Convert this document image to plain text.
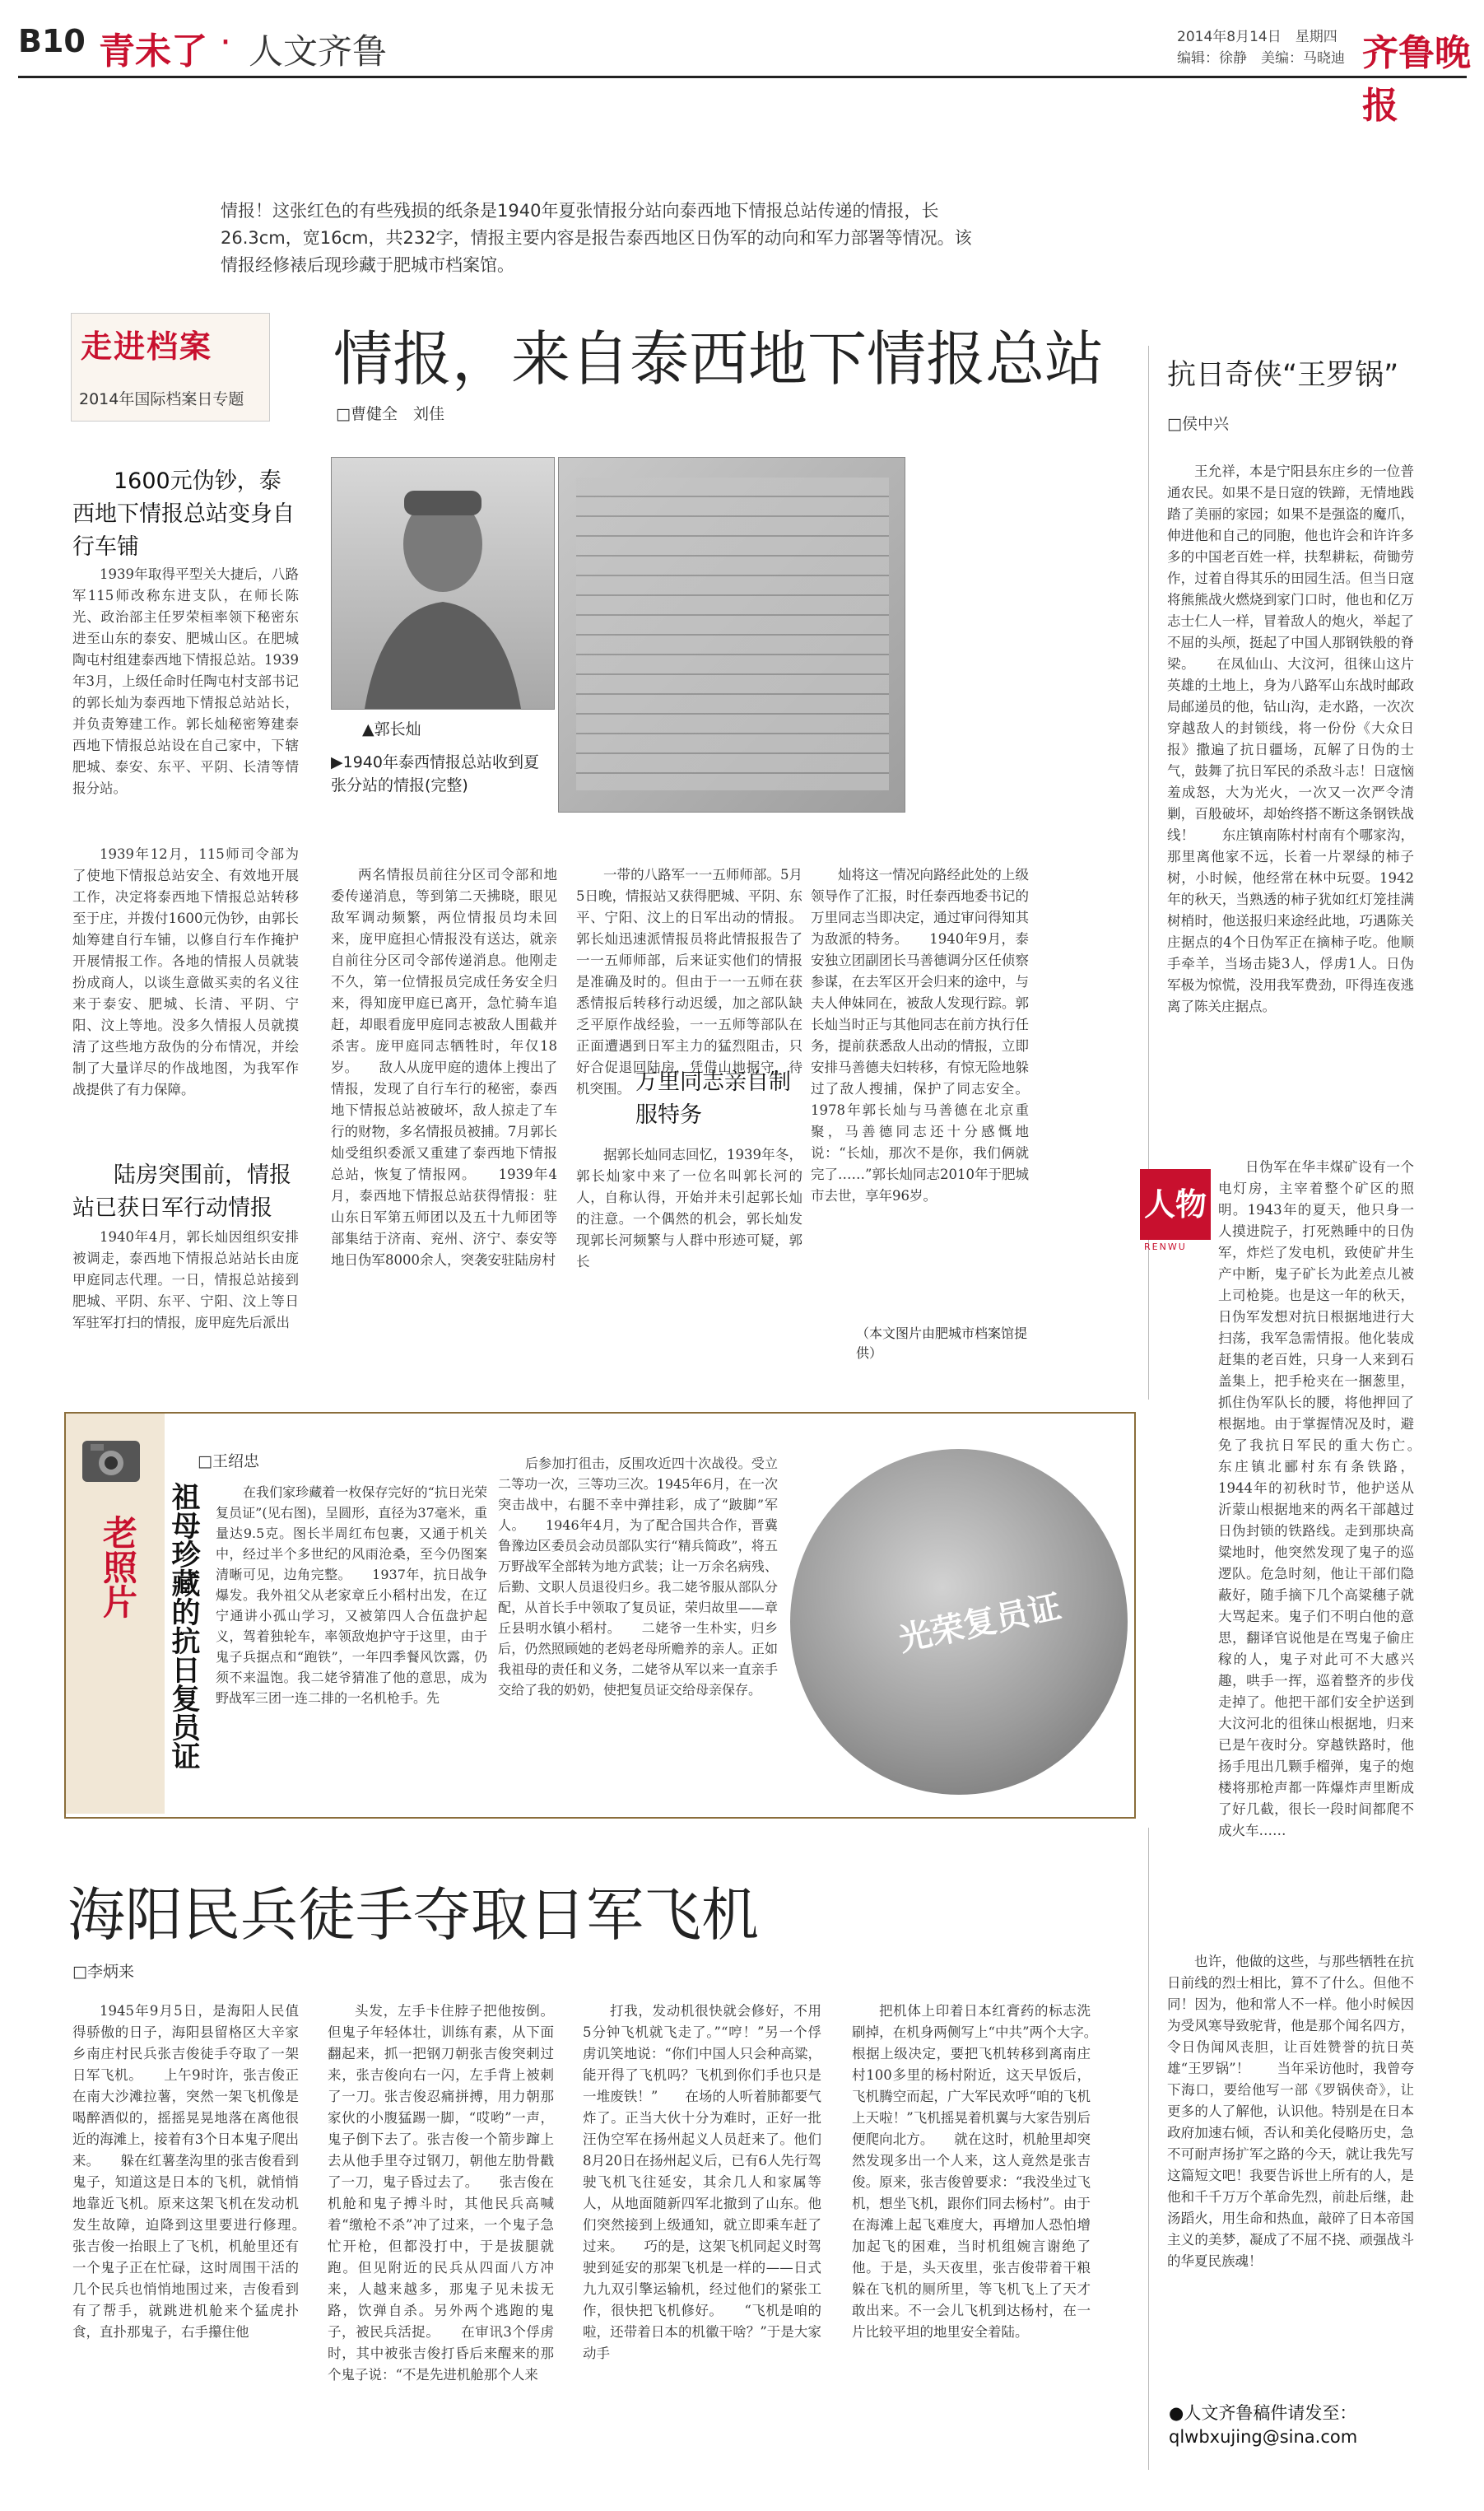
B10 青未了 · 人文齐鲁	2014年8月14日　星期四
编辑：徐静　美编：马晓迪 齐鲁晚报
情报！这张红色的有些残损的纸条是1940年夏张情报分站向泰西地下情报总站传递的情报，长26.3cm，宽16cm，共232字，情报主要内容是报告泰西地区日伪军的动向和军力部署等情况。该情报经修裱后现珍藏于肥城市档案馆。
走进档案
2014年国际档案日专题
情报，来自泰西地下情报总站
□曹健全　刘佳
1600元伪钞，泰西地下情报总站变身自行车铺
1939年取得平型关大捷后，八路军115师改称东进支队，在师长陈光、政治部主任罗荣桓率领下秘密东进至山东的泰安、肥城山区。在肥城陶屯村组建泰西地下情报总站。1939年3月，上级任命时任陶屯村支部书记的郭长灿为泰西地下情报总站站长，并负责筹建工作。郭长灿秘密筹建泰西地下情报总站设在自己家中，下辖肥城、泰安、东平、平阴、长清等情报分站。
1939年12月，115师司令部为了使地下情报总站安全、有效地开展工作，决定将泰西地下情报总站转移至于庄，并拨付1600元伪钞，由郭长灿筹建自行车铺，以修自行车作掩护开展情报工作。各地的情报人员就装扮成商人，以谈生意做买卖的名义往来于泰安、肥城、长清、平阴、宁阳、汶上等地。没多久情报人员就摸清了这些地方敌伪的分布情况，并绘制了大量详尽的作战地图，为我军作战提供了有力保障。
陆房突围前，情报站已获日军行动情报
1940年4月，郭长灿因组织安排被调走，泰西地下情报总站站长由庞甲庭同志代理。一日，情报总站接到肥城、平阴、东平、宁阳、汶上等日军驻军打扫的情报，庞甲庭先后派出
▲郭长灿
▶1940年泰西情报总站收到夏张分站的情报(完整)
两名情报员前往分区司令部和地委传递消息，等到第二天拂晓，眼见敌军调动频繁，两位情报员均未回来，庞甲庭担心情报没有送达，就亲自前往分区司令部传递消息。他刚走不久，第一位情报员完成任务安全归来，得知庞甲庭已离开，急忙骑车追赶，却眼看庞甲庭同志被敌人围截并杀害。庞甲庭同志牺牲时，年仅18岁。　　敌人从庞甲庭的遗体上搜出了情报，发现了自行车行的秘密，泰西地下情报总站被破坏，敌人掠走了车行的财物，多名情报员被捕。7月郭长灿受组织委派又重建了泰西地下情报总站，恢复了情报网。　　1939年4月，泰西地下情报总站获得情报：驻山东日军第五师团以及五十九师团等部集结于济南、兖州、济宁、泰安等地日伪军8000余人，突袭安驻陆房村
一带的八路军一一五师师部。5月5日晚，情报站又获得肥城、平阴、东平、宁阳、汶上的日军出动的情报。郭长灿迅速派情报员将此情报报告了一一五师师部，后来证实他们的情报是准确及时的。但由于一一五师在获悉情报后转移行动迟缓，加之部队缺乏平原作战经验，一一五师等部队在正面遭遇到日军主力的猛烈阻击，只好合促退回陆房，凭借山地据守，待机突围。 万里同志亲自制服特务
据郭长灿同志回忆，1939年冬，郭长灿家中来了一位名叫郭长河的人，自称认得，开始并未引起郭长灿的注意。一个偶然的机会，郭长灿发现郭长河频繁与人群中形迹可疑，郭长
灿将这一情况向路经此处的上级领导作了汇报，时任泰西地委书记的万里同志当即决定，通过审问得知其为敌派的特务。　　1940年9月，泰安独立团副团长马善德调分区任侦察参谋，在去军区开会归来的途中，与夫人伸妹同在，被敌人发现行踪。郭长灿当时正与其他同志在前方执行任务，提前获悉敌人出动的情报，立即安排马善德夫妇转移，有惊无险地躲过了敌人搜捕，保护了同志安全。1978年郭长灿与马善德在北京重聚，马善德同志还十分感慨地说：“长灿，那次不是你，我们俩就完了……”郭长灿同志2010年于肥城市去世，享年96岁。
（本文图片由肥城市档案馆提供）
抗日奇侠“王罗锅”
□侯中兴
王允祥，本是宁阳县东庄乡的一位普通农民。如果不是日寇的铁蹄，无情地践踏了美丽的家园；如果不是强盗的魔爪，伸进他和自己的同胞，他也许会和许许多多的中国老百姓一样，扶犁耕耘，荷锄劳作，过着自得其乐的田园生活。但当日寇将熊熊战火燃烧到家门口时，他也和亿万志士仁人一样，冒着敌人的炮火，举起了不屈的头颅，挺起了中国人那钢铁般的脊梁。　　在凤仙山、大汶河，徂徕山这片英雄的土地上，身为八路军山东战时邮政局邮递员的他，钻山沟，走水路，一次次穿越敌人的封锁线，将一份份《大众日报》撒遍了抗日疆场，瓦解了日伪的士气，鼓舞了抗日军民的杀敌斗志！日寇恼羞成怒，大为光火，一次又一次严令清剿，百般破坏，却始终搭不断这条钢铁战线！　　东庄镇南陈村村南有个哪家沟，那里离他家不远，长着一片翠绿的柿子树，小时候，他经常在林中玩耍。1942年的秋天，当熟透的柿子犹如红灯笼挂满树梢时，他送报归来途经此地，巧遇陈关庄据点的4个日伪军正在摘柿子吃。他顺手牵羊，当场击毙3人，俘虏1人。日伪军极为惊慌，没用我军费劲，吓得连夜逃离了陈关庄据点。
人物
RENWU
日伪军在华丰煤矿设有一个电灯房，主宰着整个矿区的照明。1943年的夏天，他只身一人摸进院子，打死熟睡中的日伪军，炸烂了发电机，致使矿井生产中断，鬼子矿长为此差点儿被上司枪毙。也是这一年的秋天，日伪军发想对抗日根据地进行大扫荡，我军急需情报。他化装成赶集的老百姓，只身一人来到石盖集上，把手枪夹在一捆葱里，抓住伪军队长的腰，将他押回了根据地。由于掌握情况及时，避免了我抗日军民的重大伤亡。　　东庄镇北郦村东有条铁路，1944年的初秋时节，他护送从沂蒙山根据地来的两名干部越过日伪封锁的铁路线。走到那块高粱地时，他突然发现了鬼子的巡逻队。危急时刻，他让干部们隐蔽好，随手摘下几个高粱穗子就大骂起来。鬼子们不明白他的意思，翻译官说他是在骂鬼子偷庄稼的人，鬼子对此可不大感兴趣，哄手一挥，巡着整齐的步伐走掉了。他把干部们安全护送到大汶河北的徂徕山根据地，归来已是午夜时分。穿越铁路时，他扬手甩出几颗手榴弹，鬼子的炮楼将那枪声都一阵爆炸声里断成了好几截，很长一段时间都爬不成火车……
也许，他做的这些，与那些牺牲在抗日前线的烈士相比，算不了什么。但他不同！因为，他和常人不一样。他小时候因为受风寒导致驼背，他是那个闻名四方，令日伪闻风丧胆，让百姓赞誉的抗日英雄“王罗锅”！　　当年采访他时，我曾夸下海口，要给他写一部《罗锅侠奇》，让更多的人了解他，认识他。特别是在日本政府加速右倾，否认和美化侵略历史，急不可耐声扬扩军之路的今天，就让我先写这篇短文吧！我要告诉世上所有的人，是他和千千万万个革命先烈，前赴后继，赴汤蹈火，用生命和热血，敲碎了日本帝国主义的美梦，凝成了不屈不挠、顽强战斗的华夏民族魂！
老照片 祖母珍藏的抗日复员证
□王绍忠
在我们家珍藏着一枚保存完好的“抗日光荣复员证”(见右图)，呈圆形，直径为37毫米，重量达9.5克。图长半周红布包裹，又通于机关中，经过半个多世纪的风雨沧桑，至今仍图案清晰可见，边角完整。　　1937年，抗日战争爆发。我外祖父从老家章丘小稻村出发，在辽宁通讲小孤山学习，又被第四人合伍盘护起义，驾着独轮车，率领敌炮护守于这里，由于鬼子兵据点和“跑铁”，一年四季餐风饮露，仍须不来温饱。我二姥爷猜准了他的意思，成为野战军三团一连二排的一名机枪手。先
后参加打徂击，反围攻近四十次战役。受立二等功一次，三等功三次。1945年6月，在一次突击战中，右腿不幸中弹挂彩，成了“跛脚”军人。　　1946年4月，为了配合国共合作，晋冀鲁豫边区委员会动员部队实行“精兵简政”，将五万野战军全部转为地方武装；让一万余名病残、后勤、文职人员退役归乡。我二姥爷服从部队分配，从首长手中领取了复员证，荣归故里——章丘县明水镇小稻村。　　二姥爷一生朴实，归乡后，仍然照顾她的老妈老母所赡养的亲人。正如我祖母的责任和义务，二姥爷从军以来一直亲手交给了我的奶奶，使把复员证交给母亲保存。
光荣复员证
海阳民兵徒手夺取日军飞机
□李炳来
1945年9月5日，是海阳人民值得骄傲的日子，海阳县留格区大辛家乡南庄村民兵张吉俊徒手夺取了一架日军飞机。　　上午9时许，张吉俊正在南大沙滩拉薯，突然一架飞机像是喝醉酒似的，摇摇晃晃地落在离他很近的海滩上，接着有3个日本鬼子爬出来。　　躲在红薯垄沟里的张吉俊看到鬼子，知道这是日本的飞机，就悄悄地靠近飞机。原来这架飞机在发动机发生故障，迫降到这里要进行修理。　　张吉俊一抬眼上了飞机，机舱里还有一个鬼子正在忙碌，这时周围干活的几个民兵也悄悄地围过来，吉俊看到有了帮手，就跳进机舱来个猛虎扑食，直扑那鬼子，右手攥住他
头发，左手卡住脖子把他按倒。但鬼子年轻体壮，训练有素，从下面翻起来，抓一把钢刀朝张吉俊突刺过来，张吉俊向右一闪，左手背上被刺了一刀。张吉俊忍痛拼搏，用力朝那家伙的小腹猛踢一脚，“哎哟”一声，鬼子倒下去了。张吉俊一个箭步蹿上去从他手里夺过钢刀，朝他左肋骨戳了一刀，鬼子昏过去了。　　张吉俊在机舱和鬼子搏斗时，其他民兵高喊着“缴枪不杀”冲了过来，一个鬼子急忙开枪，但都没打中，于是拔腿就跑。但见附近的民兵从四面八方冲来，人越来越多，那鬼子见未拔无路，饮弹自杀。另外两个逃跑的鬼子，被民兵活捉。　　在审讯3个俘虏时，其中被张吉俊打昏后来醒来的那个鬼子说：“不是先进机舱那个人来
打我，发动机很快就会修好，不用5分钟飞机就飞走了。”“哼！”另一个俘虏讥笑地说：“你们中国人只会种高粱，能开得了飞机吗？飞机到你们手也只是一堆废铁！”　　在场的人听着肺都要气炸了。正当大伙十分为难时，正好一批汪伪空军在扬州起义人员赶来了。他们8月20日在扬州起义后，已有6人先行驾驶飞机飞往延安，其余几人和家属等人，从地面随新四军北撤到了山东。他们突然接到上级通知，就立即乘车赶了过来。　　巧的是，这架飞机同起义时驾驶到延安的那架飞机是一样的——日式九九双引擎运输机，经过他们的紧张工作，很快把飞机修好。　　“飞机是咱的啦，还带着日本的机徽干啥？”于是大家动手
把机体上印着日本红膏药的标志洗刷掉，在机身两侧写上“中共”两个大字。　　根据上级决定，要把飞机转移到离南庄村100多里的杨村附近，这天早饭后，飞机腾空而起，广大军民欢呼“咱的飞机上天啦！”飞机摇晃着机翼与大家告别后便爬向北方。　　就在这时，机舱里却突然发现多出一个人来，这人竟然是张吉俊。原来，张吉俊曾要求：“我没坐过飞机，想坐飞机，跟你们同去杨村”。由于在海滩上起飞难度大，再增加人恐怕增加起飞的困难，当时机组婉言谢绝了他。于是，头天夜里，张吉俊带着干粮躲在飞机的厕所里，等飞机飞上了天才敢出来。不一会儿飞机到达杨村，在一片比较平坦的地里安全着陆。
●人文齐鲁稿件请发至：
qlwbxujing@sina.com
